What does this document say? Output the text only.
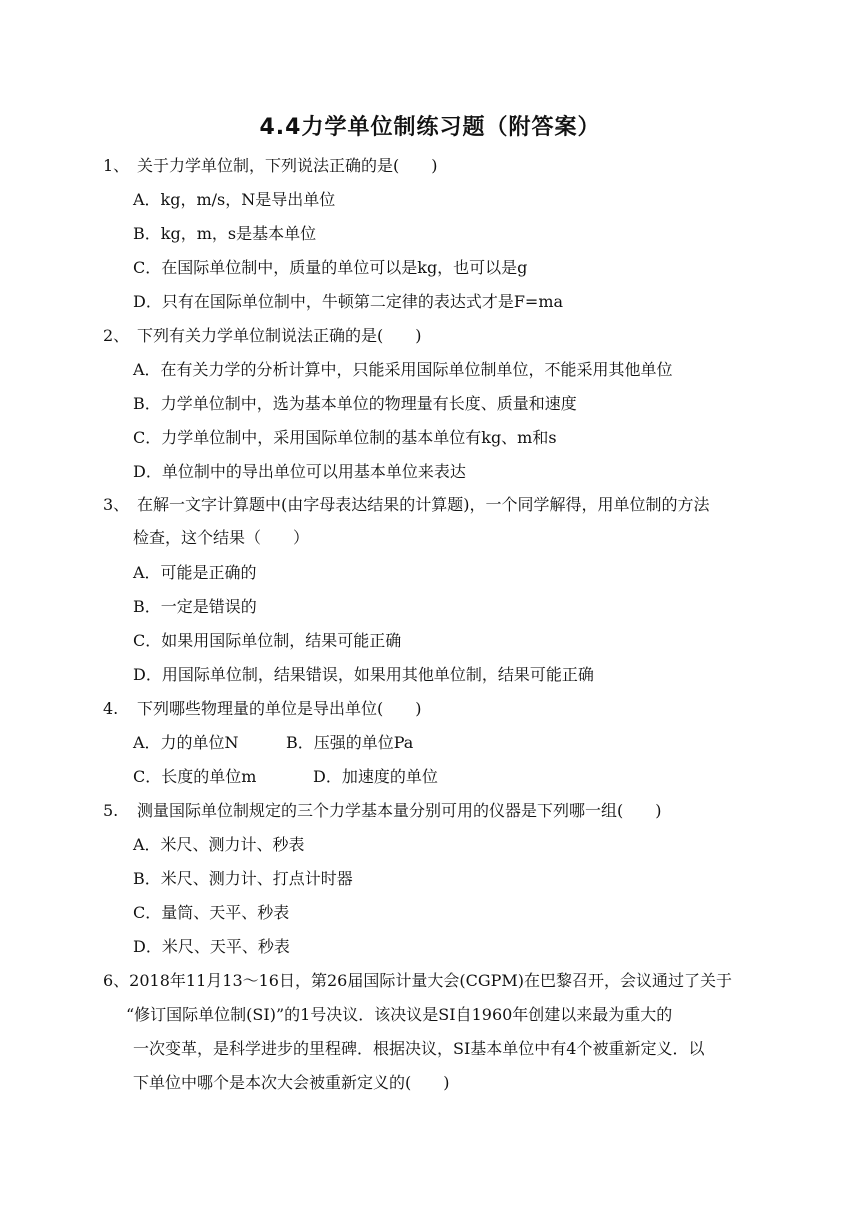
4.4力学单位制练习题（附答案）
1、 关于力学单位制，下列说法正确的是(　　)
A．kg，m/s，N是导出单位
B．kg，m，s是基本单位
C．在国际单位制中，质量的单位可以是kg，也可以是g
D．只有在国际单位制中，牛顿第二定律的表达式才是F=ma
2、 下列有关力学单位制说法正确的是(　　)
A．在有关力学的分析计算中，只能采用国际单位制单位，不能采用其他单位
B．力学单位制中，选为基本单位的物理量有长度、质量和速度
C．力学单位制中，采用国际单位制的基本单位有kg、m和s
D．单位制中的导出单位可以用基本单位来表达
3、 在解一文字计算题中(由字母表达结果的计算题)，一个同学解得，用单位制的方法
检查，这个结果（　　）
A．可能是正确的
B．一定是错误的
C．如果用国际单位制，结果可能正确
D．用国际单位制，结果错误，如果用其他单位制，结果可能正确
4. 下列哪些物理量的单位是导出单位(　　)
A．力的单位N	B．压强的单位Pa
C．长度的单位m	D．加速度的单位
5. 测量国际单位制规定的三个力学基本量分别可用的仪器是下列哪一组(　　)
A．米尺、测力计、秒表
B．米尺、测力计、打点计时器
C．量筒、天平、秒表
D．米尺、天平、秒表
6、2018年11月13～16日，第26届国际计量大会(CGPM)在巴黎召开，会议通过了关于
“修订国际单位制(SI)”的1号决议．该决议是SI自1960年创建以来最为重大的
一次变革，是科学进步的里程碑．根据决议，SI基本单位中有4个被重新定义．以
下单位中哪个是本次大会被重新定义的(　　)
